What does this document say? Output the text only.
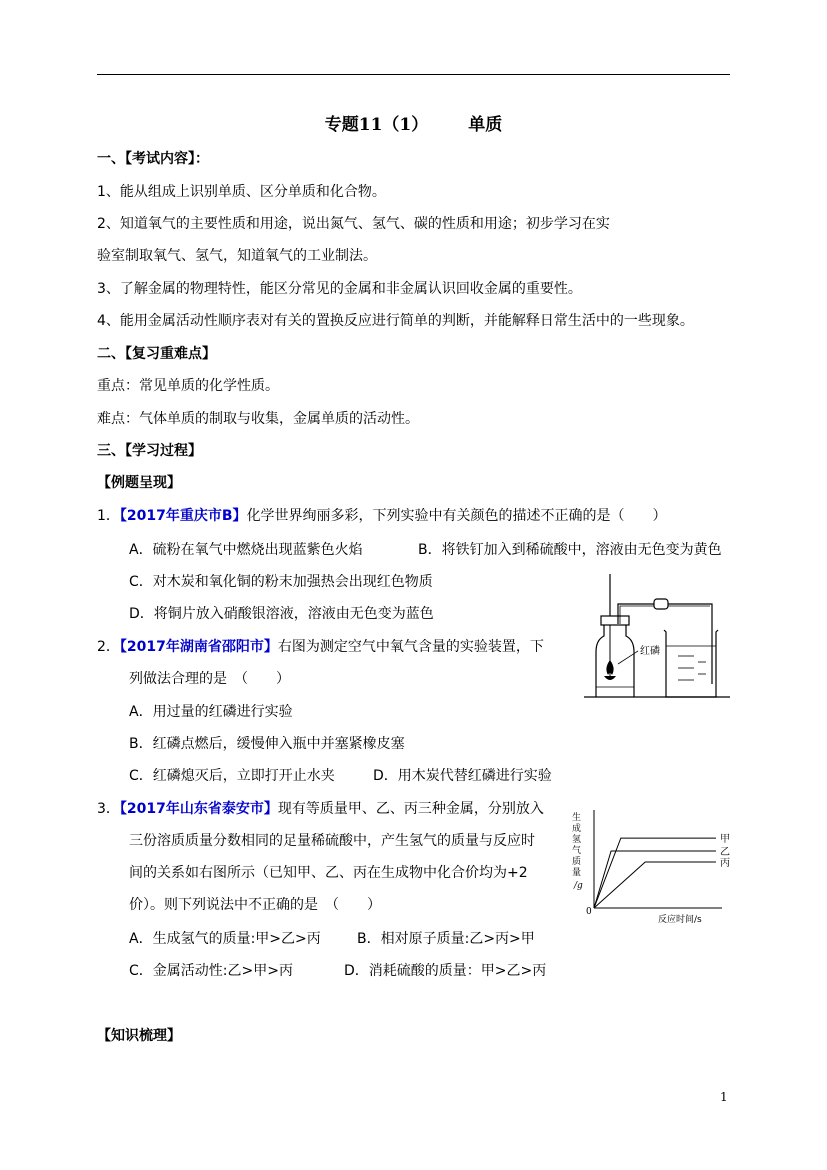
专题11（1） 单质
一、【考试内容】：
1、能从组成上识别单质、区分单质和化合物。
2、知道氧气的主要性质和用途，说出氮气、氢气、碳的性质和用途；初步学习在实
验室制取氧气、氢气，知道氧气的工业制法。
3、了解金属的物理特性，能区分常见的金属和非金属认识回收金属的重要性。
4、能用金属活动性顺序表对有关的置换反应进行简单的判断，并能解释日常生活中的一些现象。
二、【复习重难点】
重点：常见单质的化学性质。
难点：气体单质的制取与收集，金属单质的活动性。
三、【学习过程】
【例题呈现】
1．【2017年重庆市B】化学世界绚丽多彩，下列实验中有关颜色的描述不正确的是（　　）
A．硫粉在氧气中燃烧出现蓝紫色火焰	B．将铁钉加入到稀硫酸中，溶液由无色变为黄色
C．对木炭和氧化铜的粉末加强热会出现红色物质
D．将铜片放入硝酸银溶液，溶液由无色变为蓝色
2．【2017年湖南省邵阳市】右图为测定空气中氧气含量的实验装置，下
列做法合理的是　（　　）
A．用过量的红磷进行实验
B．红磷点燃后，缓慢伸入瓶中并塞紧橡皮塞
C．红磷熄灭后，立即打开止水夹	D．用木炭代替红磷进行实验
红磷
3．【2017年山东省泰安市】现有等质量甲、乙、丙三种金属，分别放入
三份溶质质量分数相同的足量稀硫酸中，产生氢气的质量与反应时
间的关系如右图所示（已知甲、乙、丙在生成物中化合价均为+2
价）。则下列说法中不正确的是　（　　）
A．生成氢气的质量:甲>乙>丙	B．相对原子质量:乙>丙>甲
C．金属活动性:乙>甲>丙	D．消耗硫酸的质量：甲>乙>丙
甲
乙
丙
生
成
氢
气
质
量
/g
反应时间/s
0
【知识梳理】
1
